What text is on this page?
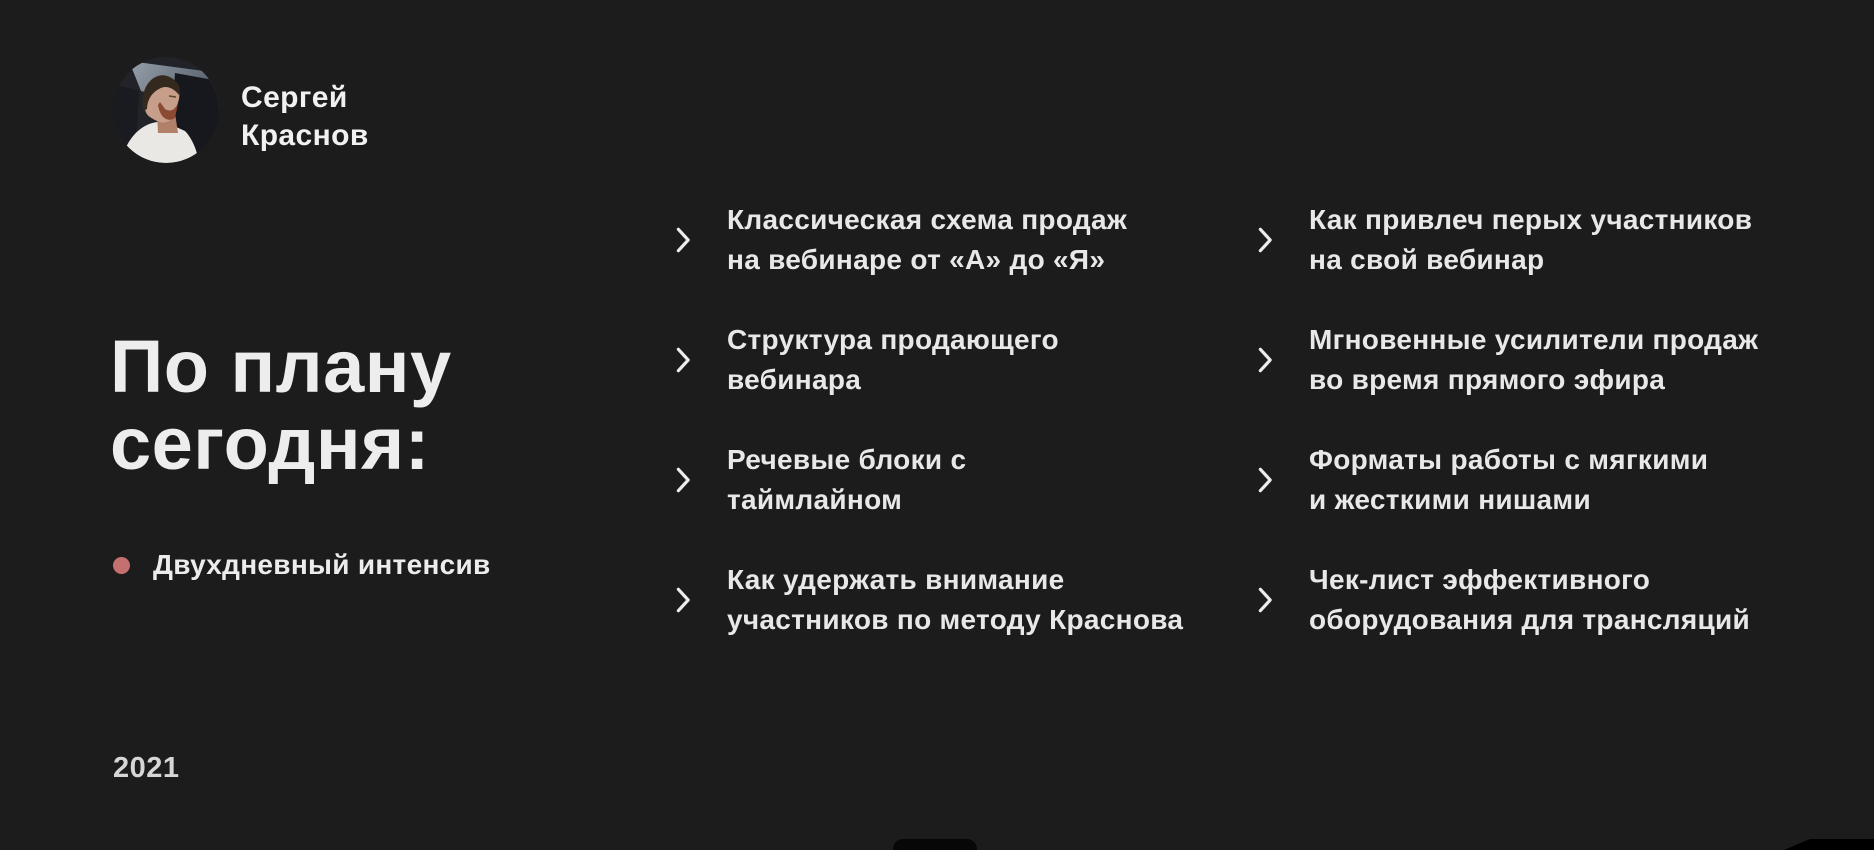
Сергей
Краснов
По плану
сегодня:
Двухдневный интенсив
2021
Классическая схема продаж
на вебинаре от «А» до «Я»
Структура продающего
вебинара
Речевые блоки с
таймлайном
Как удержать внимание
участников по методу Краснова
Как привлеч перых участников
на свой вебинар
Мгновенные усилители продаж
во время прямого эфира
Форматы работы с мягкими
и жесткими нишами
Чек-лист эффективного
оборудования для трансляций
